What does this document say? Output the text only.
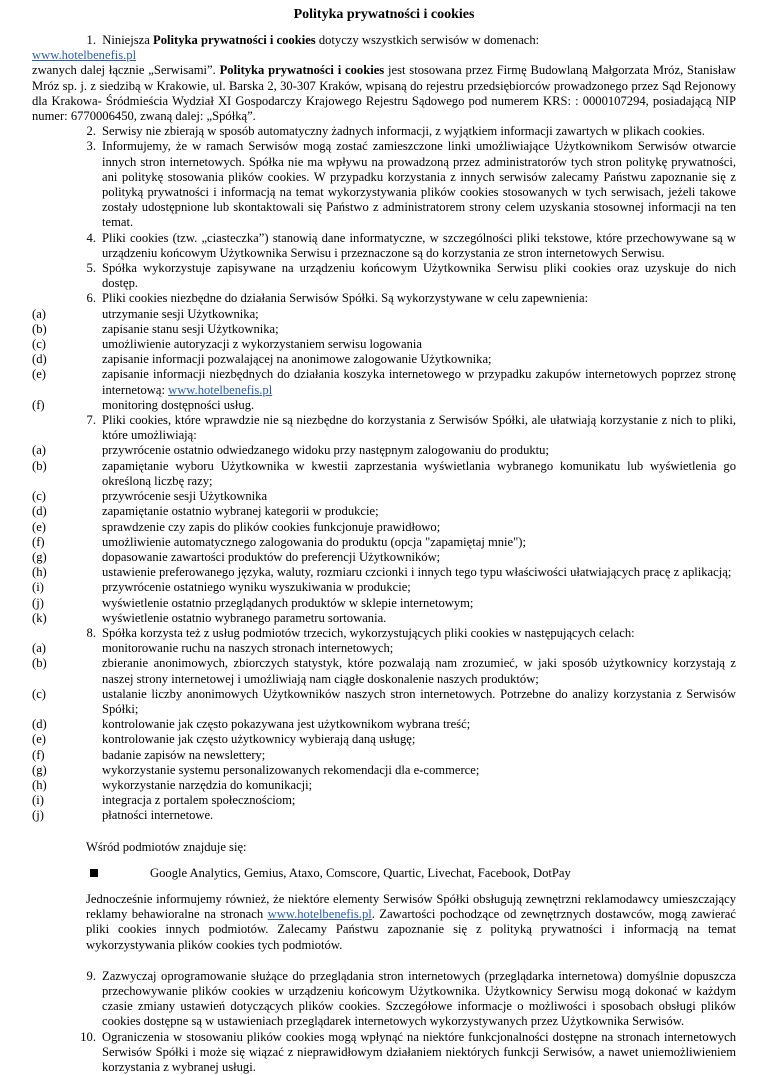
Polityka prywatności i cookies
1. Niniejsza Polityka prywatności i cookies dotyczy wszystkich serwisów w domenach:
www.hotelbenefis.pl
zwanych dalej łącznie „Serwisami”. Polityka prywatności i cookies jest stosowana przez Firmę Budowlaną Małgorzata Mróz, Stanisław Mróz sp. j. z siedzibą w Krakowie, ul. Barska 2, 30-307 Kraków, wpisaną do rejestru przedsiębiorców prowadzonego przez Sąd Rejonowy dla Krakowa- Śródmieścia Wydział XI Gospodarczy Krajowego Rejestru Sądowego pod numerem KRS: : 0000107294, posiadającą NIP numer: 6770006450, zwaną dalej: „Spółką”.
2. Serwisy nie zbierają w sposób automatyczny żadnych informacji, z wyjątkiem informacji zawartych w plikach cookies.
3. Informujemy, że w ramach Serwisów mogą zostać zamieszczone linki umożliwiające Użytkownikom Serwisów otwarcie innych stron internetowych. Spółka nie ma wpływu na prowadzoną przez administratorów tych stron politykę prywatności, ani politykę stosowania plików cookies. W przypadku korzystania z innych serwisów zalecamy Państwu zapoznanie się z polityką prywatności i informacją na temat wykorzystywania plików cookies stosowanych w tych serwisach, jeżeli takowe zostały udostępnione lub skontaktowali się Państwo z administratorem strony celem uzyskania stosownej informacji na ten temat.
4. Pliki cookies (tzw. „ciasteczka”) stanowią dane informatyczne, w szczególności pliki tekstowe, które przechowywane są w urządzeniu końcowym Użytkownika Serwisu i przeznaczone są do korzystania ze stron internetowych Serwisu.
5. Spółka wykorzystuje zapisywane na urządzeniu końcowym Użytkownika Serwisu pliki cookies oraz uzyskuje do nich dostęp.
6. Pliki cookies niezbędne do działania Serwisów Spółki. Są wykorzystywane w celu zapewnienia:
(a)	utrzymanie sesji Użytkownika;
(b)	zapisanie stanu sesji Użytkownika;
(c)	umożliwienie autoryzacji z wykorzystaniem serwisu logowania
(d)	zapisanie informacji pozwalającej na anonimowe zalogowanie Użytkownika;
(e)	zapisanie informacji niezbędnych do działania koszyka internetowego w przypadku zakupów internetowych poprzez stronę internetową: www.hotelbenefis.pl
(f)	monitoring dostępności usług.
7. Pliki cookies, które wprawdzie nie są niezbędne do korzystania z Serwisów Spółki, ale ułatwiają korzystanie z nich to pliki, które umożliwiają:
(a)	przywrócenie ostatnio odwiedzanego widoku przy następnym zalogowaniu do produktu;
(b)	zapamiętanie wyboru Użytkownika w kwestii zaprzestania wyświetlania wybranego komunikatu lub wyświetlenia go określoną liczbę razy;
(c)	przywrócenie sesji Użytkownika
(d)	zapamiętanie ostatnio wybranej kategorii w produkcie;
(e)	sprawdzenie czy zapis do plików cookies funkcjonuje prawidłowo;
(f)	umożliwienie automatycznego zalogowania do produktu (opcja "zapamiętaj mnie");
(g)	dopasowanie zawartości produktów do preferencji Użytkowników;
(h)	ustawienie preferowanego języka, waluty, rozmiaru czcionki i innych tego typu właściwości ułatwiających pracę z aplikacją;
(i)	przywrócenie ostatniego wyniku wyszukiwania w produkcie;
(j)	wyświetlenie ostatnio przeglądanych produktów w sklepie internetowym;
(k)	wyświetlenie ostatnio wybranego parametru sortowania.
8. Spółka korzysta też z usług podmiotów trzecich, wykorzystujących pliki cookies w następujących celach:
(a)	monitorowanie ruchu na naszych stronach internetowych;
(b)	zbieranie anonimowych, zbiorczych statystyk, które pozwalają nam zrozumieć, w jaki sposób użytkownicy korzystają z naszej strony internetowej i umożliwiają nam ciągłe doskonalenie naszych produktów;
(c)	ustalanie liczby anonimowych Użytkowników naszych stron internetowych. Potrzebne do analizy korzystania z Serwisów Spółki;
(d)	kontrolowanie jak często pokazywana jest użytkownikom wybrana treść;
(e)	kontrolowanie jak często użytkownicy wybierają daną usługę;
(f)	badanie zapisów na newslettery;
(g)	wykorzystanie systemu personalizowanych rekomendacji dla e-commerce;
(h)	wykorzystanie narzędzia do komunikacji;
(i)	integracja z portalem społecznościom;
(j)	płatności internetowe.
Wśród podmiotów znajduje się:
Google Analytics, Gemius, Ataxo, Comscore, Quartic, Livechat, Facebook, DotPay
Jednocześnie informujemy również, że niektóre elementy Serwisów Spółki obsługują zewnętrzni reklamodawcy umieszczający reklamy behawioralne na stronach www.hotelbenefis.pl. Zawartości pochodzące od zewnętrznych dostawców, mogą zawierać pliki cookies innych podmiotów. Zalecamy Państwu zapoznanie się z polityką prywatności i informacją na temat wykorzystywania plików cookies tych podmiotów.
9. Zazwyczaj oprogramowanie służące do przeglądania stron internetowych (przeglądarka internetowa) domyślnie dopuszcza przechowywanie plików cookies w urządzeniu końcowym Użytkownika. Użytkownicy Serwisu mogą dokonać w każdym czasie zmiany ustawień dotyczących plików cookies. Szczegółowe informacje o możliwości i sposobach obsługi plików cookies dostępne są w ustawieniach przeglądarek internetowych wykorzystywanych przez Użytkownika Serwisów.
10. Ograniczenia w stosowaniu plików cookies mogą wpłynąć na niektóre funkcjonalności dostępne na stronach internetowych Serwisów Spółki i może się wiązać z nieprawidłowym działaniem niektórych funkcji Serwisów, a nawet uniemożliwieniem korzystania z wybranej usługi.
